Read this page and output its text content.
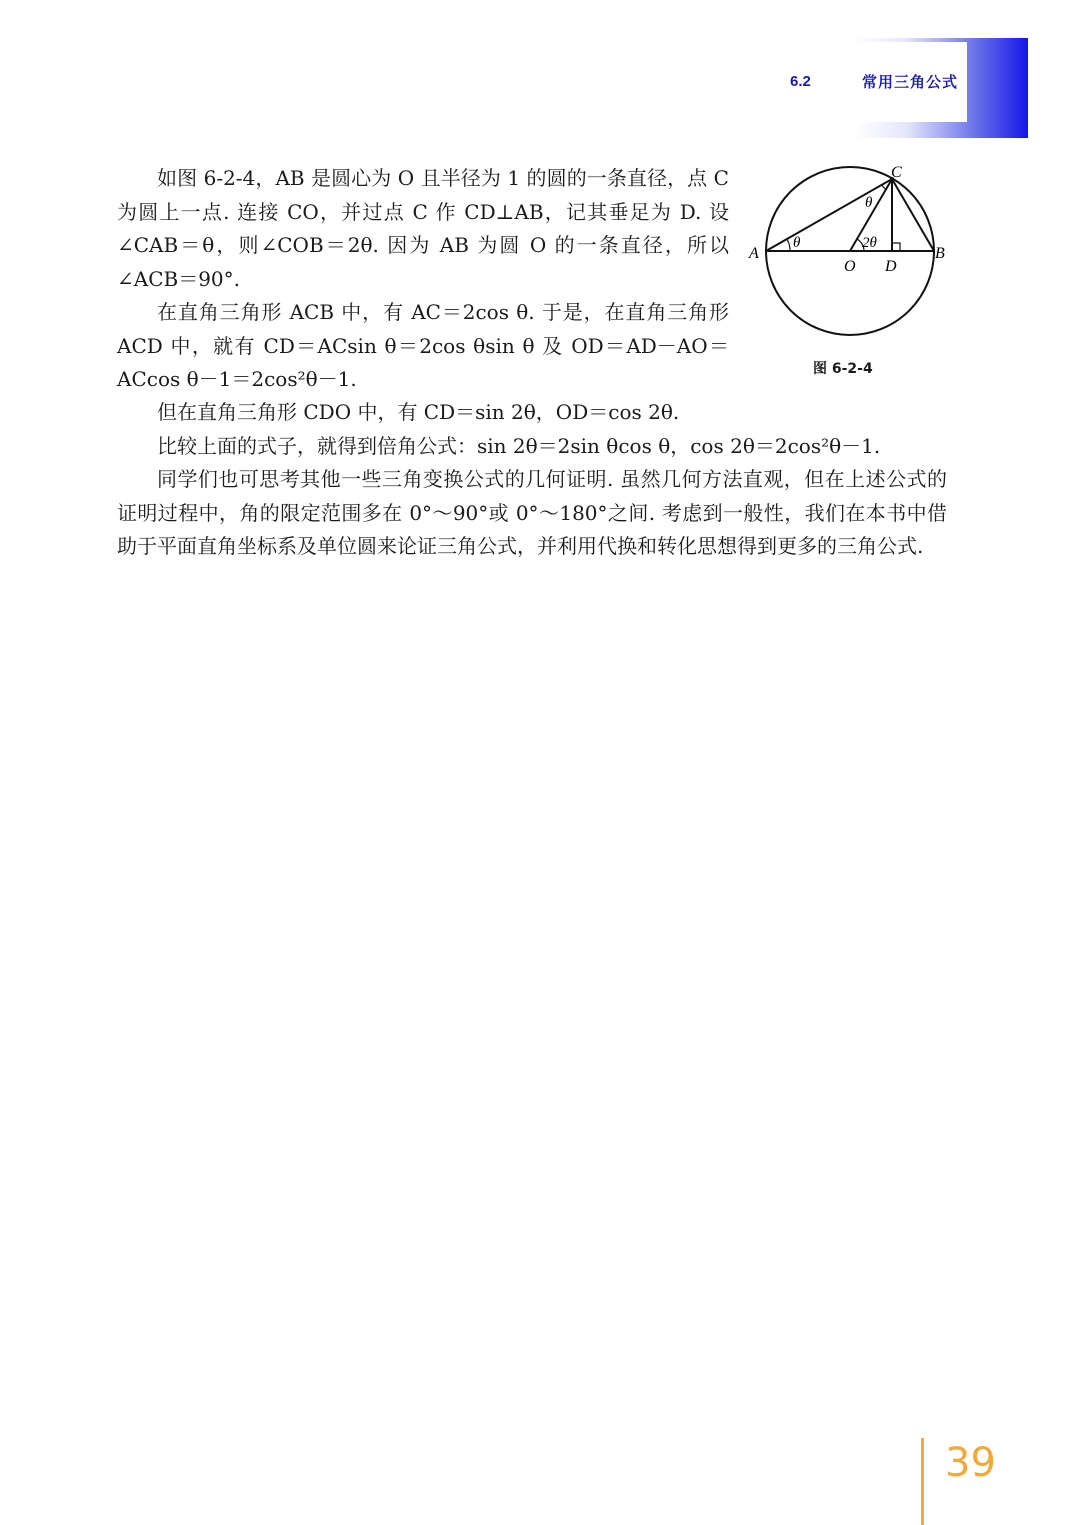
6.2	常用三角公式

如图 6-2-4，AB 是圆心为 O 且半径为 1 的圆的一条直径，点 C 为圆上一点. 连接 CO，并过点 C 作 CD⊥AB，记其垂足为 D. 设∠CAB＝θ，则∠COB＝2θ. 因为 AB 为圆 O 的一条直径，所以∠ACB＝90°.

在直角三角形 ACB 中，有 AC＝2cos θ. 于是，在直角三角形 ACD 中，就有 CD＝ACsin θ＝2cos θsin θ 及 OD＝AD－AO＝ACcos θ－1＝2cos²θ－1.

但在直角三角形 CDO 中，有 CD＝sin 2θ，OD＝cos 2θ.

比较上面的式子，就得到倍角公式：sin 2θ＝2sin θcos θ，cos 2θ＝2cos²θ－1.

同学们也可思考其他一些三角变换公式的几何证明. 虽然几何方法直观，但在上述公式的证明过程中，角的限定范围多在 0°～90°或 0°～180°之间. 考虑到一般性，我们在本书中借助于平面直角坐标系及单位圆来论证三角公式，并利用代换和转化思想得到更多的三角公式.

C
A	B
O D
θ
θ
2θ
图 6-2-4
39
